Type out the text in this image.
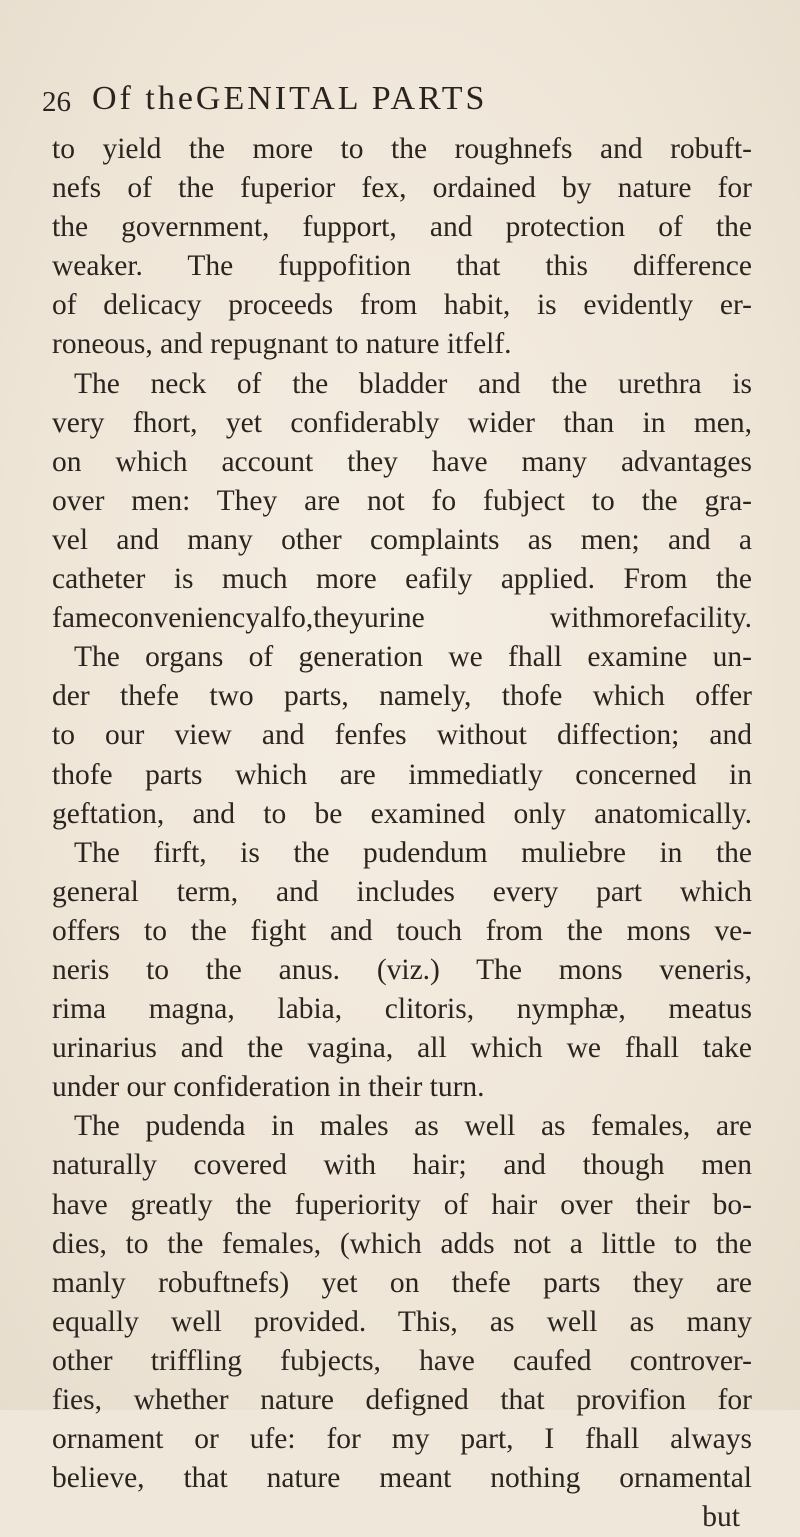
26 Of theGENITAL PARTS
to yield the more to the roughnefs and robuft-
nefs of the fuperior fex, ordained by nature for
the government, fupport, and protection of the
weaker. The fuppofition that this difference
of delicacy proceeds from habit, is evidently er-
roneous, and repugnant to nature itfelf.
The neck of the bladder and the urethra is
very fhort, yet confiderably wider than in men,
on which account they have many advantages
over men: They are not fo fubject to the gra-
vel and many other complaints as men; and a
catheter is much more eafily applied. From the
fameconveniencyalfo,theyurine withmorefacility.
The organs of generation we fhall examine un-
der thefe two parts, namely, thofe which offer
to our view and fenfes without diffection; and
thofe parts which are immediatly concerned in
geftation, and to be examined only anatomically.
The firft, is the pudendum muliebre in the
general term, and includes every part which
offers to the fight and touch from the mons ve-
neris to the anus. (viz.) The mons veneris,
rima magna, labia, clitoris, nymphæ, meatus
urinarius and the vagina, all which we fhall take
under our confideration in their turn.
The pudenda in males as well as females, are
naturally covered with hair; and though men
have greatly the fuperiority of hair over their bo-
dies, to the females, (which adds not a little to the
manly robuftnefs) yet on thefe parts they are
equally well provided. This, as well as many
other triffling fubjects, have caufed controver-
fies, whether nature defigned that provifion for
ornament or ufe: for my part, I fhall always
believe, that nature meant nothing ornamental
but
